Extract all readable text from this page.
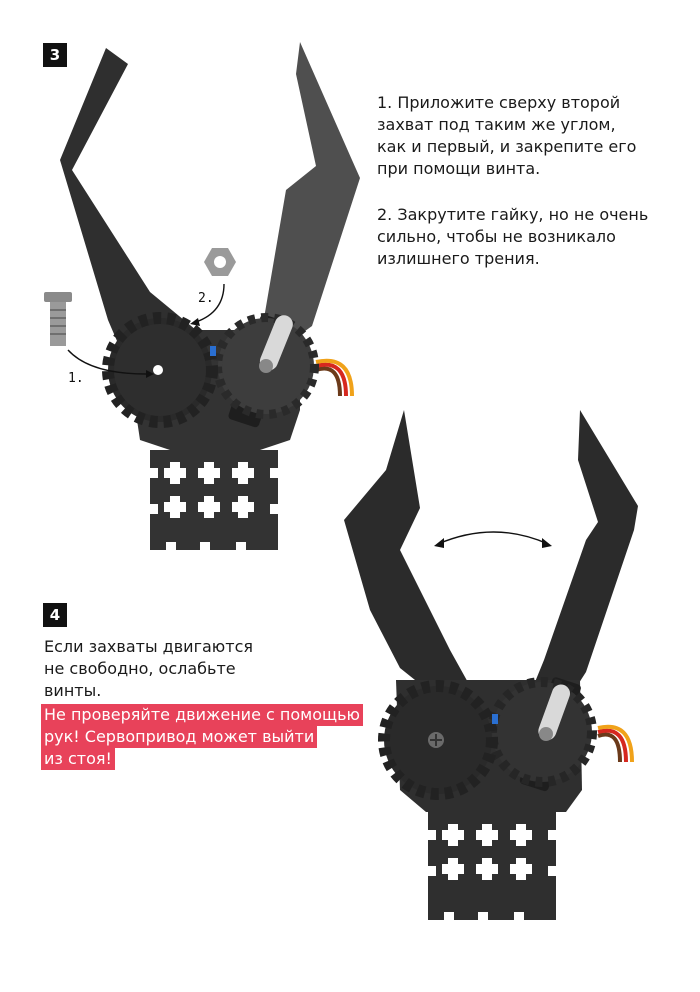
3

1. Приложите сверху второй

захват под таким же углом,

как и первый, и закрепите его

при помощи винта.

2. Закрутите гайку, но не очень

сильно, чтобы не возникало

излишнего трения.

1.
2.
4

Если захваты двигаются

не свободно, ослабьте

винты.

Не проверяйте движение с помощью
рук! Сервопривод может выйти
из стоя!
